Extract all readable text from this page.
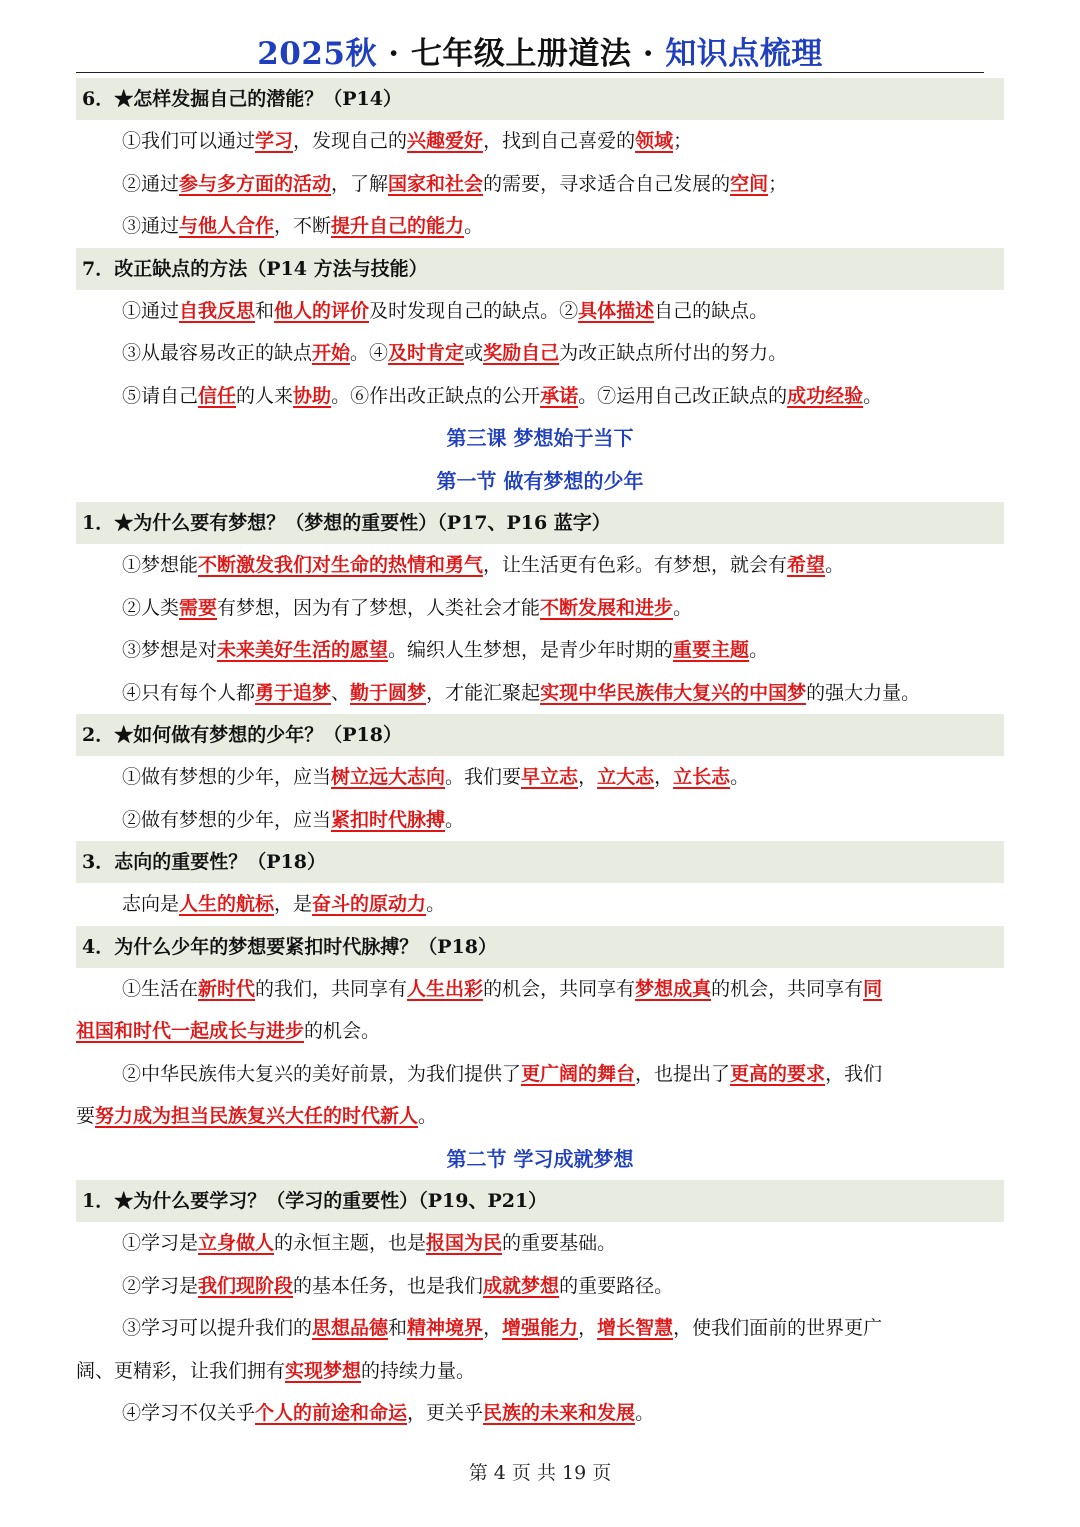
2025秋 · 七年级上册道法 · 知识点梳理
6．★怎样发掘自己的潜能？（P14）
①我们可以通过学习，发现自己的兴趣爱好，找到自己喜爱的领域；
②通过参与多方面的活动，了解国家和社会的需要，寻求适合自己发展的空间；
③通过与他人合作，不断提升自己的能力。
7．改正缺点的方法（P14 方法与技能）
①通过自我反思和他人的评价及时发现自己的缺点。②具体描述自己的缺点。
③从最容易改正的缺点开始。④及时肯定或奖励自己为改正缺点所付出的努力。
⑤请自己信任的人来协助。⑥作出改正缺点的公开承诺。⑦运用自己改正缺点的成功经验。
第三课 梦想始于当下
第一节 做有梦想的少年
1．★为什么要有梦想？（梦想的重要性）（P17、P16 蓝字）
①梦想能不断激发我们对生命的热情和勇气，让生活更有色彩。有梦想，就会有希望。
②人类需要有梦想，因为有了梦想，人类社会才能不断发展和进步。
③梦想是对未来美好生活的愿望。编织人生梦想，是青少年时期的重要主题。
④只有每个人都勇于追梦、勤于圆梦，才能汇聚起实现中华民族伟大复兴的中国梦的强大力量。
2．★如何做有梦想的少年？（P18）
①做有梦想的少年，应当树立远大志向。我们要早立志，立大志，立长志。
②做有梦想的少年，应当紧扣时代脉搏。
3．志向的重要性？（P18）
志向是人生的航标，是奋斗的原动力。
4．为什么少年的梦想要紧扣时代脉搏？（P18）
①生活在新时代的我们，共同享有人生出彩的机会，共同享有梦想成真的机会，共同享有同
祖国和时代一起成长与进步的机会。
②中华民族伟大复兴的美好前景，为我们提供了更广阔的舞台，也提出了更高的要求，我们
要努力成为担当民族复兴大任的时代新人。
第二节 学习成就梦想
1．★为什么要学习？（学习的重要性）（P19、P21）
①学习是立身做人的永恒主题，也是报国为民的重要基础。
②学习是我们现阶段的基本任务，也是我们成就梦想的重要路径。
③学习可以提升我们的思想品德和精神境界，增强能力，增长智慧，使我们面前的世界更广
阔、更精彩，让我们拥有实现梦想的持续力量。
④学习不仅关乎个人的前途和命运，更关乎民族的未来和发展。
第 4 页 共 19 页
